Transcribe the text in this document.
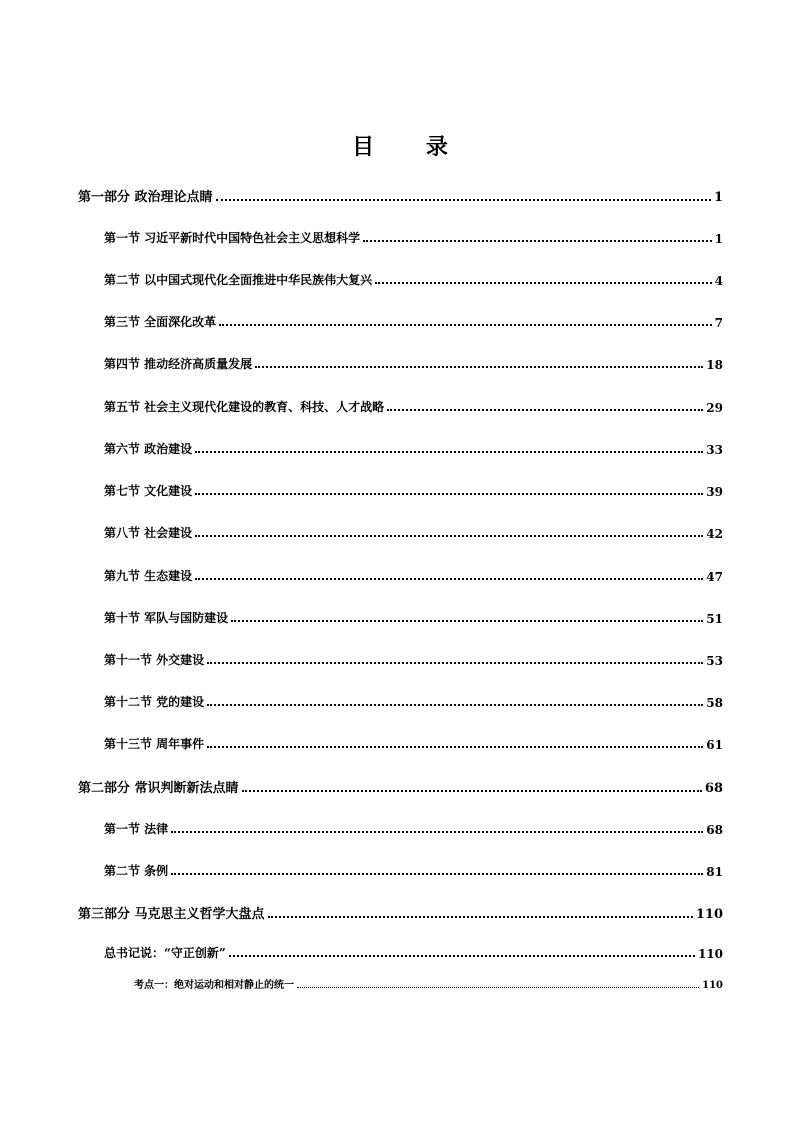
目 录
第一部分 政治理论点睛	1
第一节 习近平新时代中国特色社会主义思想科学	1
第二节 以中国式现代化全面推进中华民族伟大复兴	4
第三节 全面深化改革	7
第四节 推动经济高质量发展	18
第五节 社会主义现代化建设的教育、科技、人才战略	29
第六节 政治建设	33
第七节 文化建设	39
第八节 社会建设	42
第九节 生态建设	47
第十节 军队与国防建设	51
第十一节 外交建设	53
第十二节 党的建设	58
第十三节 周年事件	61
第二部分 常识判断新法点睛	68
第一节 法律	68
第二节 条例	81
第三部分 马克思主义哲学大盘点	110
总书记说：“守正创新”	110
考点一：绝对运动和相对静止的统一	110
